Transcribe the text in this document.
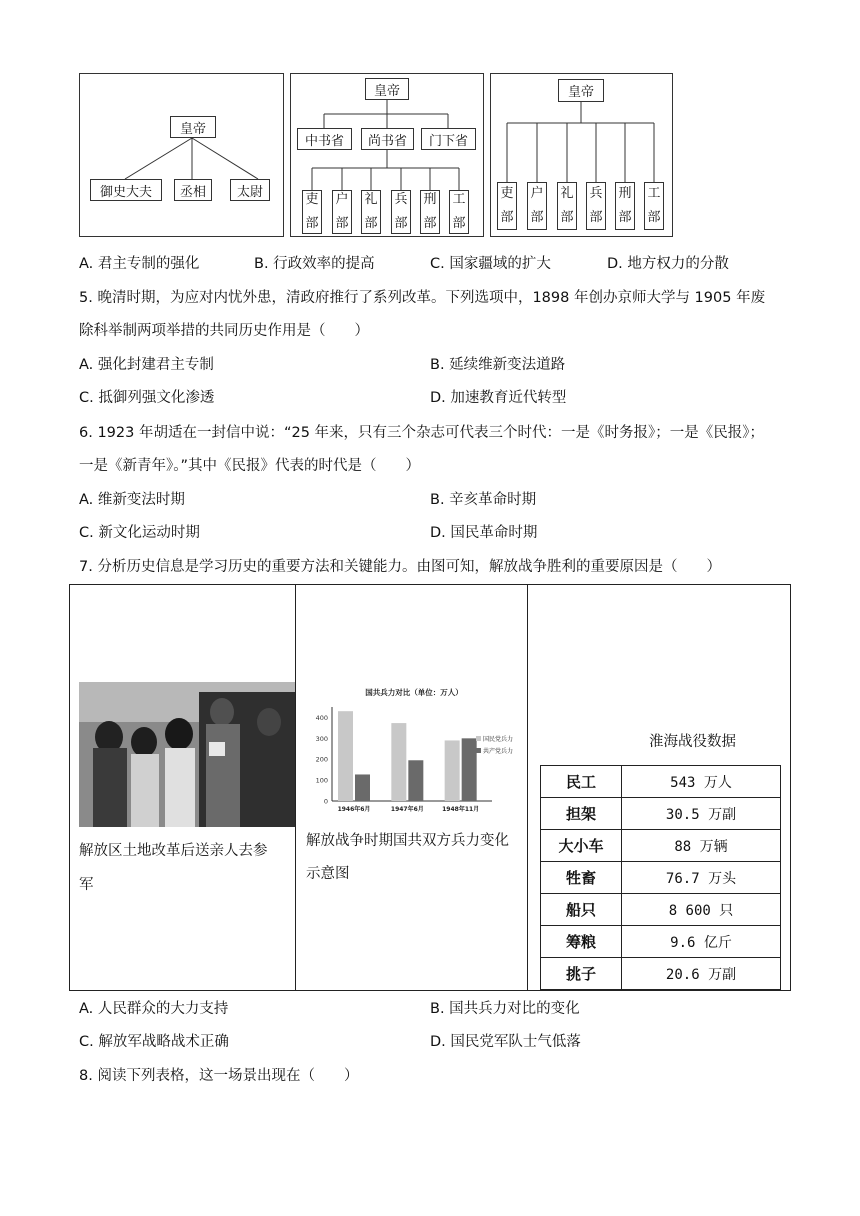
皇帝
御史大夫	丞相	太尉
皇帝
中书省	尚书省	门下省
吏
部
户
部
礼
部
兵
部
刑
部
工
部
皇帝
吏
部
户
部
礼
部
兵
部
刑
部
工
部
A. 君主专制的强化	B. 行政效率的提高	C. 国家疆域的扩大	D. 地方权力的分散
5. 晚清时期，为应对内忧外患，清政府推行了系列改革。下列选项中，1898 年创办京师大学与 1905 年废
除科举制两项举措的共同历史作用是（　　）
A. 强化封建君主专制	B. 延续维新变法道路
C. 抵御列强文化渗透	D. 加速教育近代转型
6. 1923 年胡适在一封信中说：“25 年来，只有三个杂志可代表三个时代：一是《时务报》；一是《民报》；
一是《新青年》。”其中《民报》代表的时代是（　　）
A. 维新变法时期	B. 辛亥革命时期
C. 新文化运动时期	D. 国民革命时期
7. 分析历史信息是学习历史的重要方法和关键能力。由图可知，解放战争胜利的重要原因是（　　）
解放区土地改革后送亲人去参
军
国共兵力对比（单位：万人）
0
100
200
300
400
1946年6月	1947年6月	1948年11月
国民党兵力
共产党兵力
解放战争时期国共双方兵力变化
示意图
淮海战役数据
民工	543 万人
担架	30.5 万副
大小车	88 万辆
牲畜	76.7 万头
船只	8 600 只
筹粮	9.6 亿斤
挑子	20.6 万副
A. 人民群众的大力支持	B. 国共兵力对比的变化
C. 解放军战略战术正确	D. 国民党军队士气低落
8. 阅读下列表格，这一场景出现在（　　）
